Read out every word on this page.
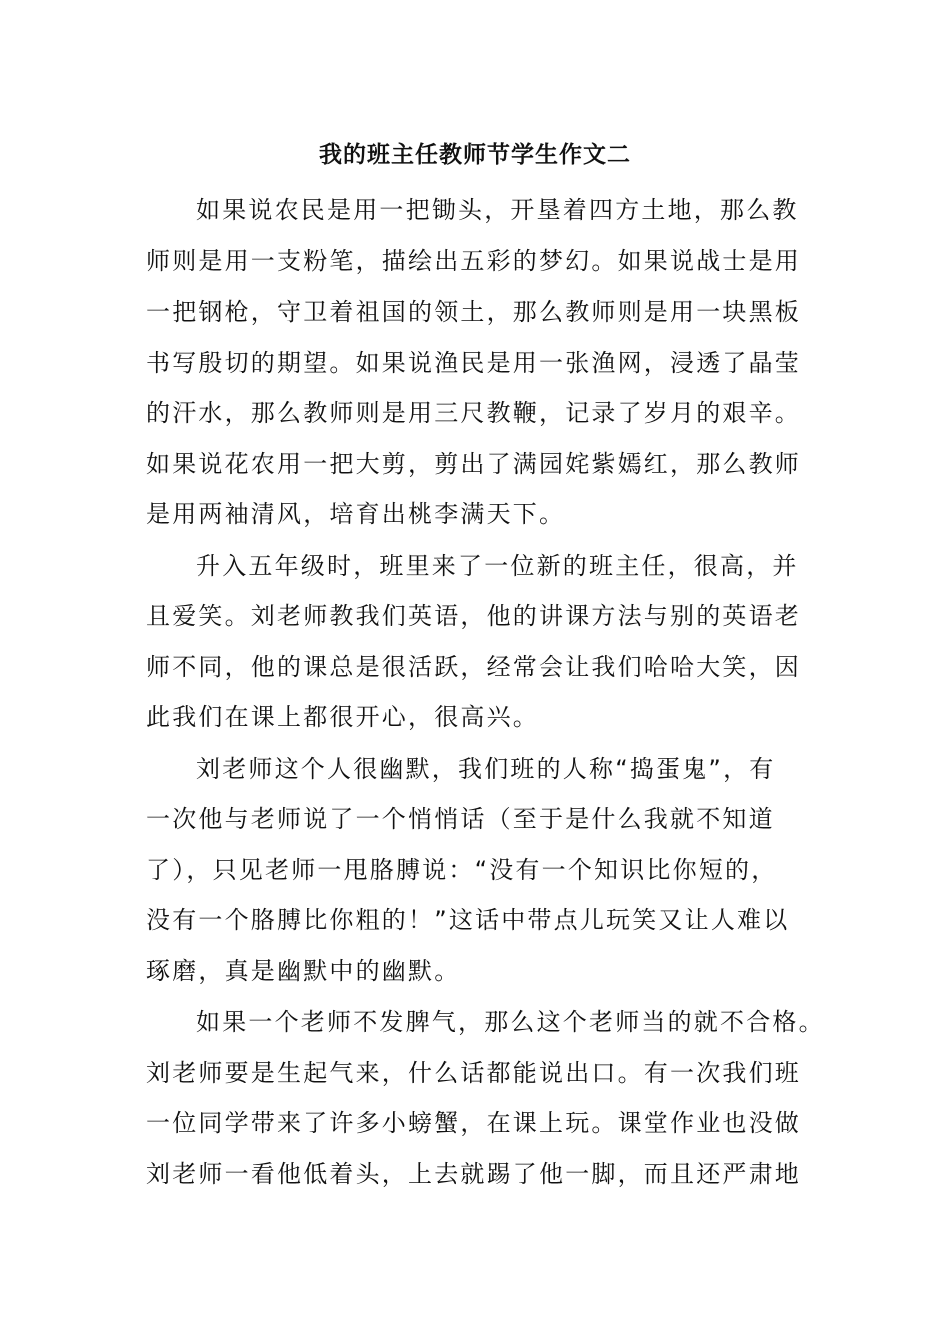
我的班主任教师节学生作文二
如果说农民是用一把锄头，开垦着四方土地，那么教
师则是用一支粉笔，描绘出五彩的梦幻。如果说战士是用
一把钢枪，守卫着祖国的领土，那么教师则是用一块黑板
书写殷切的期望。如果说渔民是用一张渔网，浸透了晶莹
的汗水，那么教师则是用三尺教鞭，记录了岁月的艰辛。
如果说花农用一把大剪，剪出了满园姹紫嫣红，那么教师
是用两袖清风，培育出桃李满天下。
升入五年级时，班里来了一位新的班主任，很高，并
且爱笑。刘老师教我们英语，他的讲课方法与别的英语老
师不同，他的课总是很活跃，经常会让我们哈哈大笑，因
此我们在课上都很开心，很高兴。
刘老师这个人很幽默，我们班的人称“捣蛋鬼”，有
一次他与老师说了一个悄悄话（至于是什么我就不知道
了），只见老师一甩胳膊说：“没有一个知识比你短的，
没有一个胳膊比你粗的！”这话中带点儿玩笑又让人难以
琢磨，真是幽默中的幽默。
如果一个老师不发脾气，那么这个老师当的就不合格。
刘老师要是生起气来，什么话都能说出口。有一次我们班
一位同学带来了许多小螃蟹，在课上玩。课堂作业也没做
刘老师一看他低着头，上去就踢了他一脚，而且还严肃地
